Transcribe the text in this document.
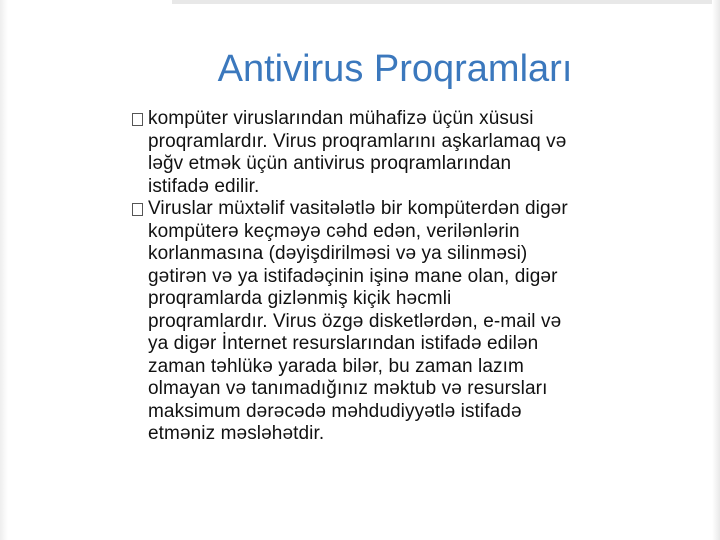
Antivirus Proqramları
kompüter viruslarından mühafizə üçün xüsusi
proqramlardır. Virus proqramlarını aşkarlamaq və
ləğv etmək üçün antivirus proqramlarından
istifadə edilir.
Viruslar müxtəlif vasitələtlə bir kompüterdən digər
kompüterə keçməyə cəhd edən, verilənlərin
korlanmasına (dəyişdirilməsi və ya silinməsi)
gətirən və ya istifadəçinin işinə mane olan, digər
proqramlarda gizlənmiş kiçik həcmli
proqramlardır. Virus özgə disketlərdən, e-mail və
ya digər İnternet resurslarından istifadə edilən
zaman təhlükə yarada bilər, bu zaman lazım
olmayan və tanımadığınız məktub və resursları
maksimum dərəcədə məhdudiyyətlə istifadə
etməniz məsləhətdir.
